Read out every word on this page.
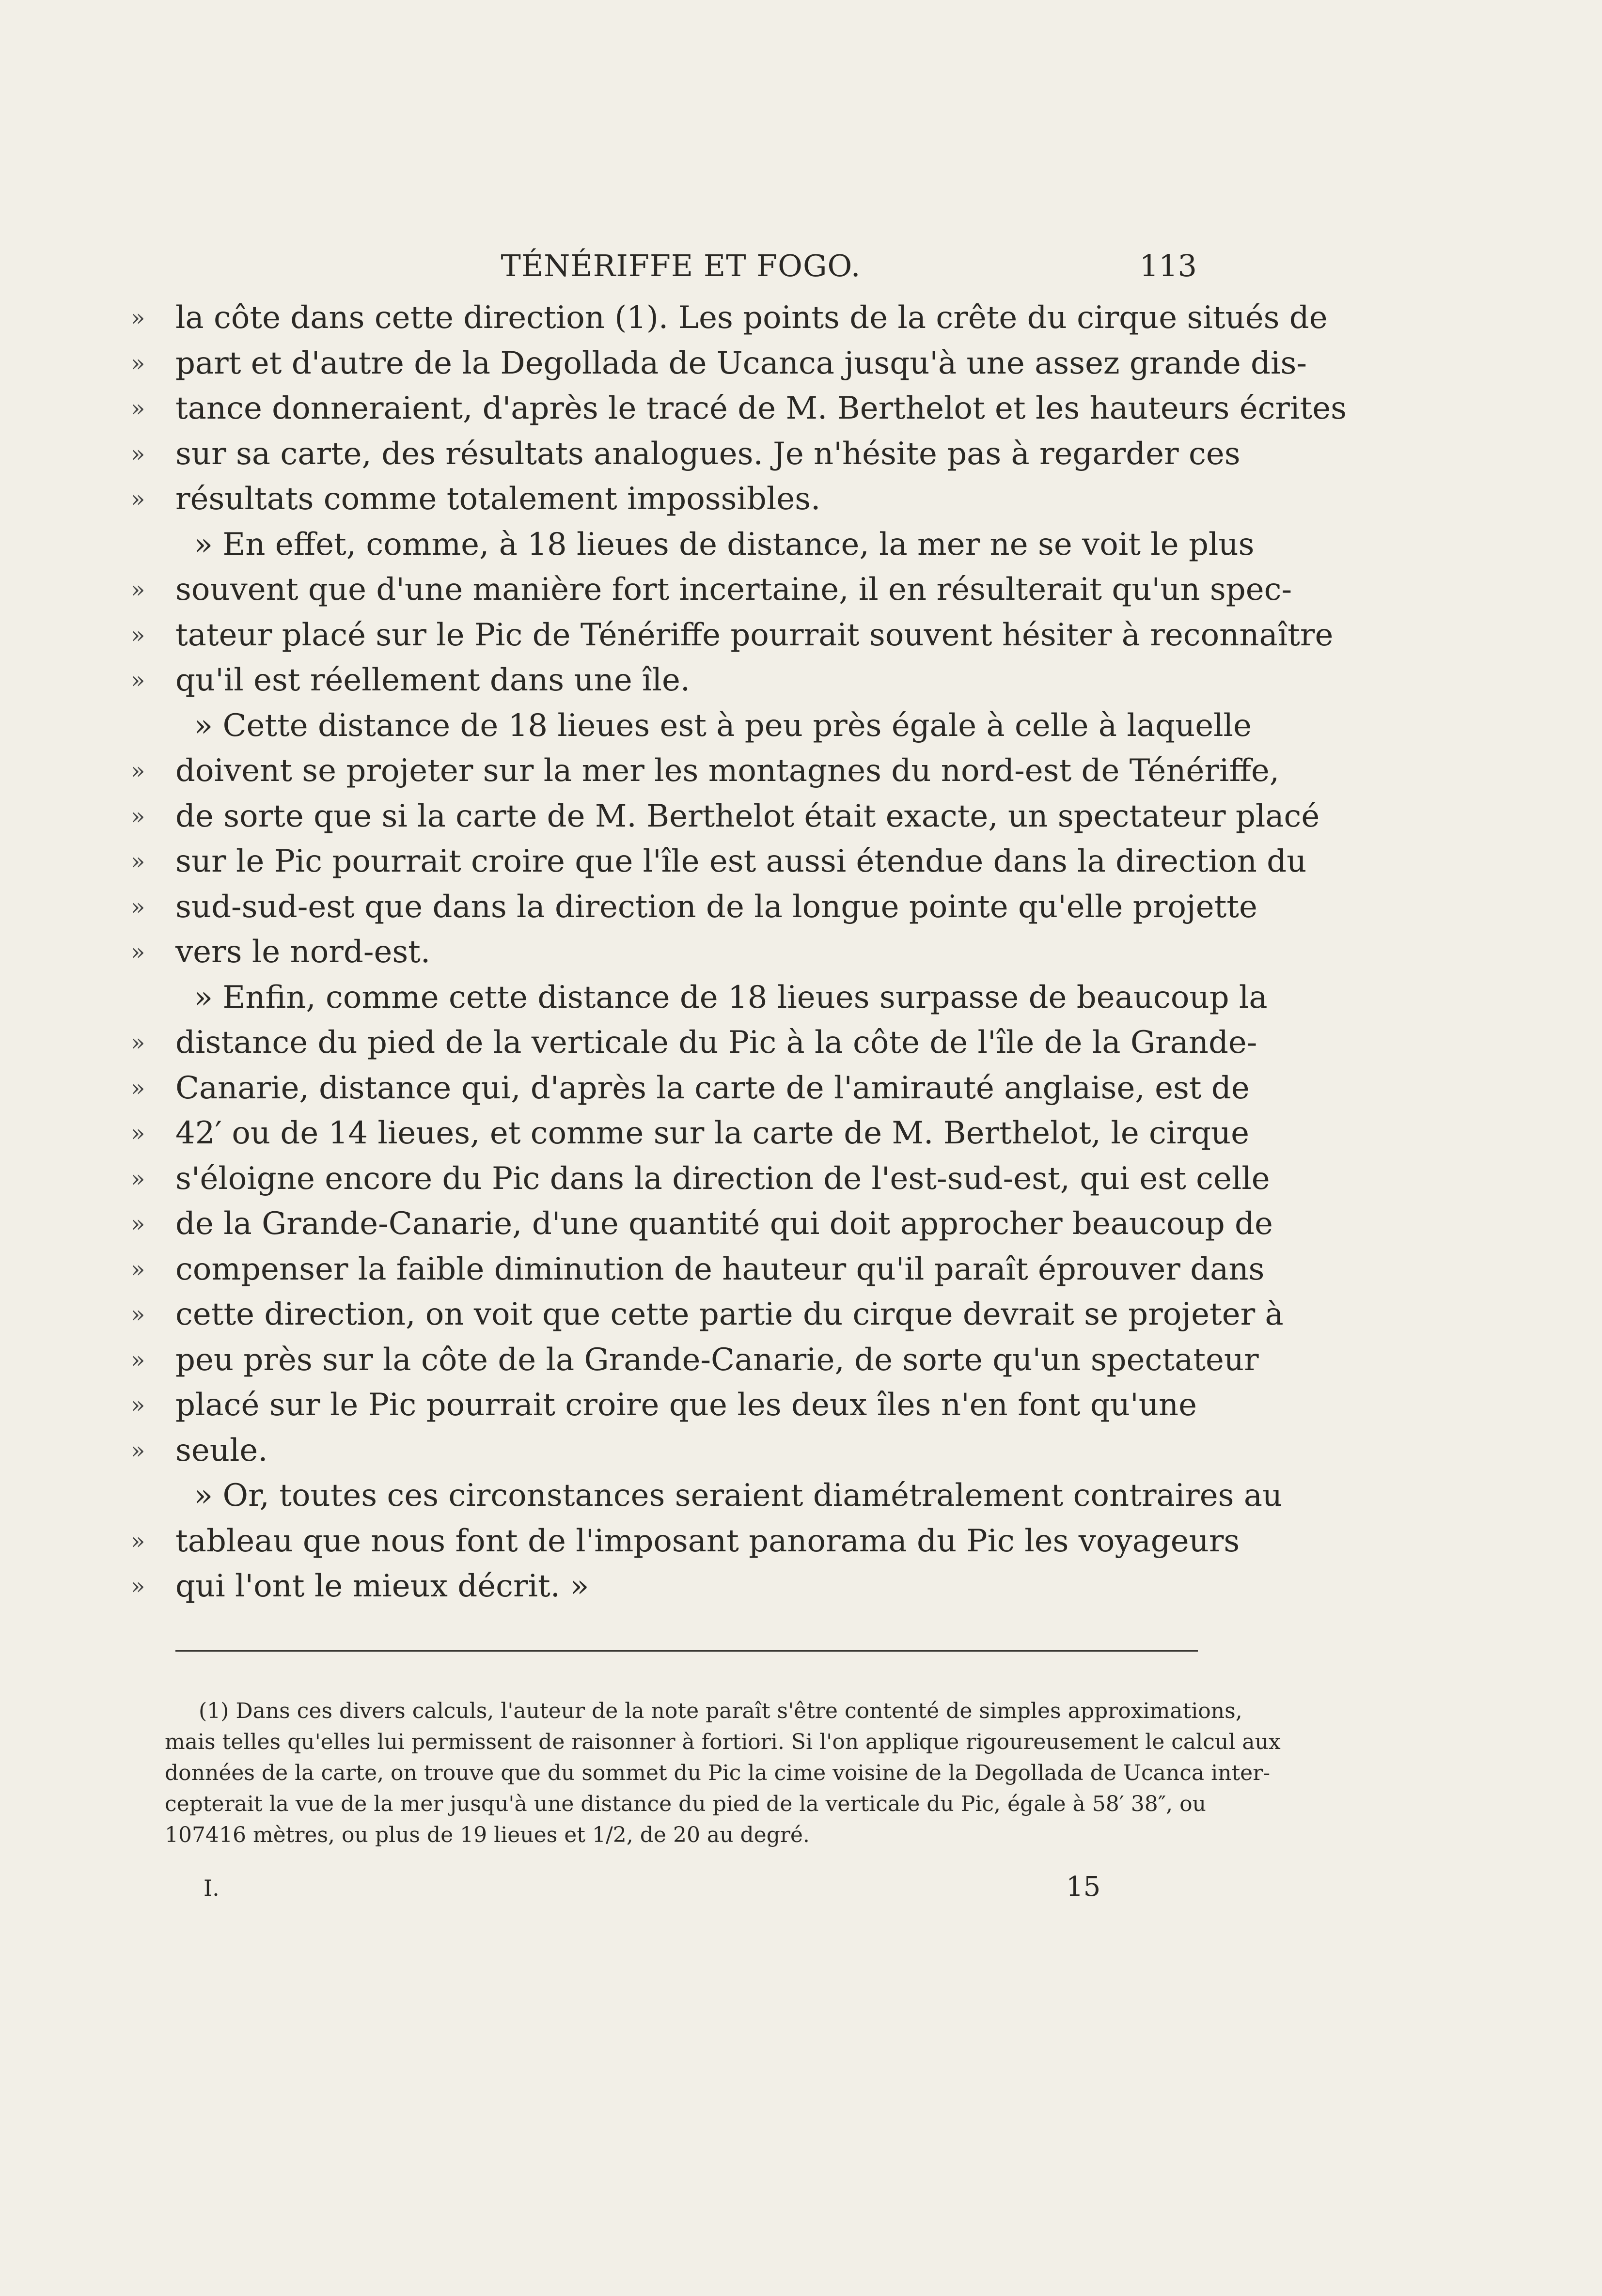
TÉNÉRIFFE ET FOGO.	113
» la côte dans cette direction (1). Les points de la crête du cirque situés de
» part et d'autre de la Degollada de Ucanca jusqu'à une assez grande dis-
» tance donneraient, d'après le tracé de M. Berthelot et les hauteurs écrites
» sur sa carte, des résultats analogues. Je n'hésite pas à regarder ces
» résultats comme totalement impossibles.
» En effet, comme, à 18 lieues de distance, la mer ne se voit le plus
» souvent que d'une manière fort incertaine, il en résulterait qu'un spec-
» tateur placé sur le Pic de Ténériffe pourrait souvent hésiter à reconnaître
» qu'il est réellement dans une île.
» Cette distance de 18 lieues est à peu près égale à celle à laquelle
» doivent se projeter sur la mer les montagnes du nord-est de Ténériffe,
» de sorte que si la carte de M. Berthelot était exacte, un spectateur placé
» sur le Pic pourrait croire que l'île est aussi étendue dans la direction du
» sud-sud-est que dans la direction de la longue pointe qu'elle projette
» vers le nord-est.
» Enfin, comme cette distance de 18 lieues surpasse de beaucoup la
» distance du pied de la verticale du Pic à la côte de l'île de la Grande-
» Canarie, distance qui, d'après la carte de l'amirauté anglaise, est de
» 42′ ou de 14 lieues, et comme sur la carte de M. Berthelot, le cirque
» s'éloigne encore du Pic dans la direction de l'est-sud-est, qui est celle
» de la Grande-Canarie, d'une quantité qui doit approcher beaucoup de
» compenser la faible diminution de hauteur qu'il paraît éprouver dans
» cette direction, on voit que cette partie du cirque devrait se projeter à
» peu près sur la côte de la Grande-Canarie, de sorte qu'un spectateur
» placé sur le Pic pourrait croire que les deux îles n'en font qu'une
» seule.
» Or, toutes ces circonstances seraient diamétralement contraires au
» tableau que nous font de l'imposant panorama du Pic les voyageurs
» qui l'ont le mieux décrit. »
(1) Dans ces divers calculs, l'auteur de la note paraît s'être contenté de simples approximations,
mais telles qu'elles lui permissent de raisonner à fortiori. Si l'on applique rigoureusement le calcul aux
données de la carte, on trouve que du sommet du Pic la cime voisine de la Degollada de Ucanca inter-
cepterait la vue de la mer jusqu'à une distance du pied de la verticale du Pic, égale à 58′ 38″, ou
107416 mètres, ou plus de 19 lieues et 1/2, de 20 au degré.
I.	15
